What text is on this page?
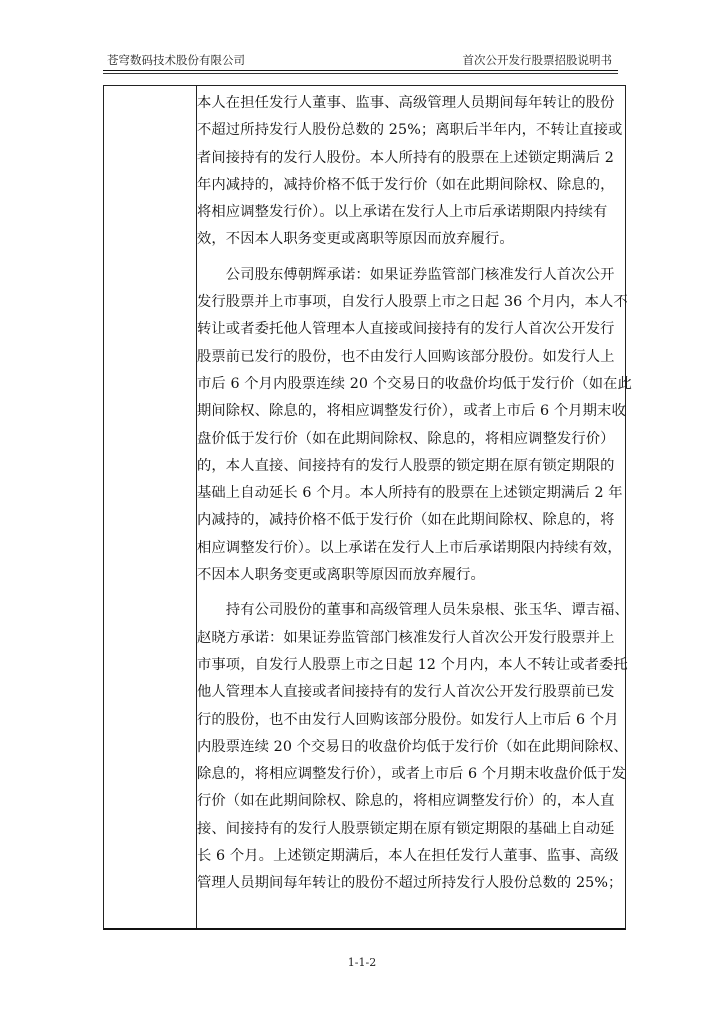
苍穹数码技术股份有限公司	首次公开发行股票招股说明书
本人在担任发行人董事、监事、高级管理人员期间每年转让的股份
不超过所持发行人股份总数的 25%；离职后半年内，不转让直接或
者间接持有的发行人股份。本人所持有的股票在上述锁定期满后 2
年内减持的，减持价格不低于发行价（如在此期间除权、除息的，
将相应调整发行价）。以上承诺在发行人上市后承诺期限内持续有
效，不因本人职务变更或离职等原因而放弃履行。
　　公司股东傅朝辉承诺：如果证券监管部门核准发行人首次公开
发行股票并上市事项，自发行人股票上市之日起 36 个月内，本人不
转让或者委托他人管理本人直接或间接持有的发行人首次公开发行
股票前已发行的股份，也不由发行人回购该部分股份。如发行人上
市后 6 个月内股票连续 20 个交易日的收盘价均低于发行价（如在此
期间除权、除息的，将相应调整发行价），或者上市后 6 个月期末收
盘价低于发行价（如在此期间除权、除息的，将相应调整发行价）
的，本人直接、间接持有的发行人股票的锁定期在原有锁定期限的
基础上自动延长 6 个月。本人所持有的股票在上述锁定期满后 2 年
内减持的，减持价格不低于发行价（如在此期间除权、除息的，将
相应调整发行价）。以上承诺在发行人上市后承诺期限内持续有效，
不因本人职务变更或离职等原因而放弃履行。
　　持有公司股份的董事和高级管理人员朱泉根、张玉华、谭吉福、
赵晓方承诺：如果证券监管部门核准发行人首次公开发行股票并上
市事项，自发行人股票上市之日起 12 个月内，本人不转让或者委托
他人管理本人直接或者间接持有的发行人首次公开发行股票前已发
行的股份，也不由发行人回购该部分股份。如发行人上市后 6 个月
内股票连续 20 个交易日的收盘价均低于发行价（如在此期间除权、
除息的，将相应调整发行价），或者上市后 6 个月期末收盘价低于发
行价（如在此期间除权、除息的，将相应调整发行价）的，本人直
接、间接持有的发行人股票锁定期在原有锁定期限的基础上自动延
长 6 个月。上述锁定期满后，本人在担任发行人董事、监事、高级
管理人员期间每年转让的股份不超过所持发行人股份总数的 25%；
1-1-2
